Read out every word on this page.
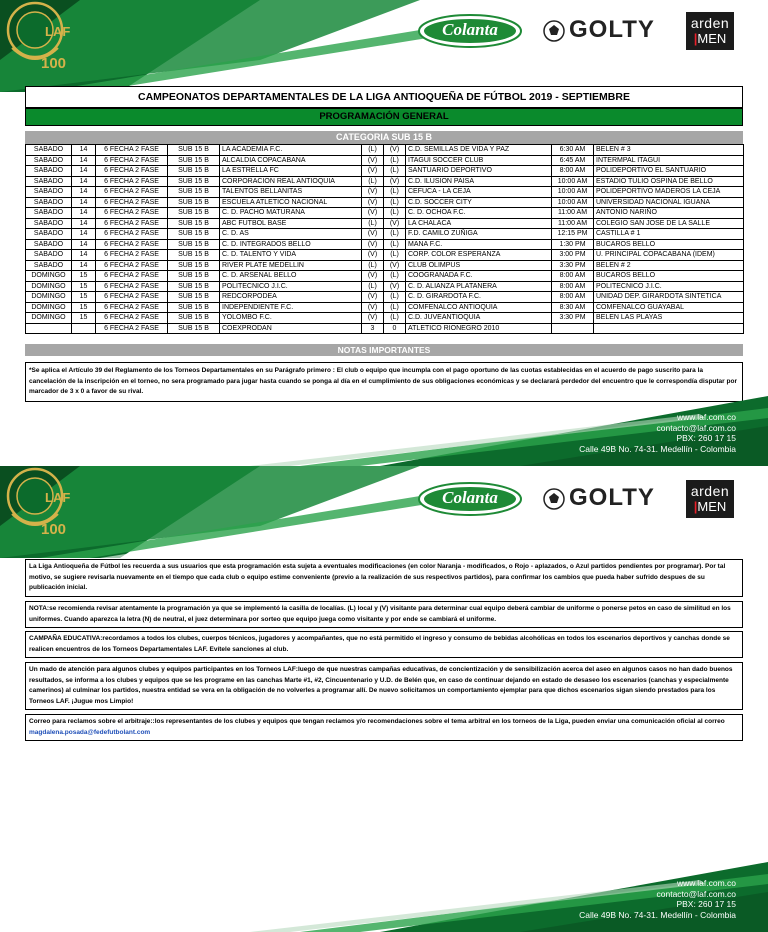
LAF
100
Colanta	GOLTY	arden
|MEN
CAMPEONATOS DEPARTAMENTALES DE LA LIGA ANTIOQUEÑA DE FÚTBOL 2019 - SEPTIEMBRE
PROGRAMACIÓN GENERAL
CATEGORIA SUB 15 B
SABADO	14	6 FECHA 2 FASE	SUB 15 B	LA ACADEMIA F.C.	(L)	(V)	C.D. SEMILLAS DE VIDA Y PAZ	6:30 AM	BELEN # 3
SABADO	14	6 FECHA 2 FASE	SUB 15 B	ALCALDIA COPACABANA	(V)	(L)	ITAGUI SOCCER CLUB	6:45 AM	INTERMPAL ITAGUI
SABADO	14	6 FECHA 2 FASE	SUB 15 B	LA ESTRELLA FC	(V)	(L)	SANTUARIO DEPORTIVO	8:00 AM	POLIDEPORTIVO EL SANTUARIO
SABADO	14	6 FECHA 2 FASE	SUB 15 B	CORPORACION REAL ANTIOQUIA	(L)	(V)	C.D. ILUSION PAISA	10:00 AM	ESTADIO TULIO OSPINA DE BELLO
SABADO	14	6 FECHA 2 FASE	SUB 15 B	TALENTOS BELLANITAS	(V)	(L)	CEFUCA - LA CEJA	10:00 AM	POLIDEPORTIVO MADEROS LA CEJA
SABADO	14	6 FECHA 2 FASE	SUB 15 B	ESCUELA ATLETICO NACIONAL	(V)	(L)	C.D. SOCCER CITY	10:00 AM	UNIVERSIDAD NACIONAL IGUANA
SABADO	14	6 FECHA 2 FASE	SUB 15 B	C. D. PACHO MATURANA	(V)	(L)	C. D. OCHOA F.C.	11:00 AM	ANTONIO NARIÑO
SABADO	14	6 FECHA 2 FASE	SUB 15 B	ABC FUTBOL BASE	(L)	(V)	LA CHALACA	11:00 AM	COLEGIO SAN JOSE DE LA SALLE
SABADO	14	6 FECHA 2 FASE	SUB 15 B	C. D. AS	(V)	(L)	F.D. CAMILO ZUÑIGA	12:15 PM	CASTILLA # 1
SABADO	14	6 FECHA 2 FASE	SUB 15 B	C. D. INTEGRADOS BELLO	(V)	(L)	MANA F.C.	1:30 PM	BUCAROS BELLO
SABADO	14	6 FECHA 2 FASE	SUB 15 B	C. D. TALENTO Y VIDA	(V)	(L)	CORP. COLOR ESPERANZA	3:00 PM	U. PRINCIPAL COPACABANA (IDEM)
SABADO	14	6 FECHA 2 FASE	SUB 15 B	RIVER PLATE MEDELLIN	(L)	(V)	CLUB OLIMPUS	3:30 PM	BELEN # 2
DOMINGO	15	6 FECHA 2 FASE	SUB 15 B	C. D. ARSENAL BELLO	(V)	(L)	COOGRANADA F.C.	8:00 AM	BUCAROS BELLO
DOMINGO	15	6 FECHA 2 FASE	SUB 15 B	POLITECNICO J.I.C.	(L)	(V)	C. D. ALIANZA PLATANERA	8:00 AM	POLITECNICO J.I.C.
DOMINGO	15	6 FECHA 2 FASE	SUB 15 B	REDCORPODEA	(V)	(L)	C. D. GIRARDOTA F.C.	8:00 AM	UNIDAD DEP. GIRARDOTA SINTETICA
DOMINGO	15	6 FECHA 2 FASE	SUB 15 B	INDEPENDIENTE F.C.	(V)	(L)	COMFENALCO ANTIOQUIA	8:30 AM	COMFENALCO GUAYABAL
DOMINGO	15	6 FECHA 2 FASE	SUB 15 B	YOLOMBO F.C.	(V)	(L)	C.D. JUVEANTIOQUIA	3:30 PM	BELEN LAS PLAYAS
		6 FECHA 2 FASE	SUB 15 B	COEXPRODAN	3	0	ATLETICO RIONEGRO 2010		
NOTAS IMPORTANTES
*Se aplica el Artículo 39 del Reglamento de los Torneos Departamentales en su Parágrafo primero : El club o equipo que incumpla con el pago oportuno de las cuotas establecidas en el acuerdo de pago suscrito para la cancelación de la inscripción en el torneo, no sera programado para jugar hasta cuando se ponga al día en el cumplimiento de sus obligaciones económicas y se declarará perdedor del encuentro que le correspondía disputar por marcador de 3 x 0 a favor de su rival.
www.laf.com.co
contacto@laf.com.co
PBX: 260 17 15
Calle 49B No. 74-31. Medellín - Colombia
LAF
100
Colanta	GOLTY	arden
|MEN
La Liga Antioqueña de Fútbol les recuerda a sus usuarios que esta programación esta sujeta a eventuales modificaciones (en color Naranja - modificados, o Rojo - aplazados, o Azul partidos pendientes por programar). Por tal motivo, se sugiere revisarla nuevamente en el tiempo que cada club o equipo estime conveniente (previo a la realización de sus respectivos partidos), para confirmar los cambios que pueda haber sufrido despues de su publicación inicial.
NOTA:se recomienda revisar atentamente la programación ya que se implementó la casilla de localías. (L) local y (V) visitante para determinar cual equipo deberá cambiar de uniforme o ponerse petos en caso de similitud en los uniformes. Cuando aparezca la letra (N) de neutral, el juez determinara por sorteo que equipo juega como visitante y por ende se cambiará el uniforme.
CAMPAÑA EDUCATIVA:recordamos a todos los clubes, cuerpos técnicos, jugadores y acompañantes, que no está permitido el ingreso y consumo de bebidas alcohólicas en todos los escenarios deportivos y canchas donde se realicen encuentros de los Torneos Departamentales LAF. Evítele sanciones al club.
Un mado de atención para algunos clubes y equipos participantes en los Torneos LAF:luego de que nuestras campañas educativas, de concientización y de sensibilización acerca del aseo en algunos casos no han dado buenos resultados, se informa a los clubes y equipos que se les programe en las canchas Marte #1, #2, Cincuentenario y U.D. de Belén que, en caso de continuar dejando en estado de desaseo los escenarios (canchas y especialmente camerinos) al culminar los partidos, nuestra entidad se vera en la obligación de no volverles a programar allí. De nuevo solicitamos un comportamiento ejemplar para que dichos escenarios sigan siendo prestados para los Torneos LAF. ¡Jugue mos Limpio!
Correo para reclamos sobre el arbitraje::los representantes de los clubes y equipos que tengan reclamos y/o recomendaciones sobre el tema arbitral en los torneos de la Liga, pueden enviar una comunicación oficial al correo
magdalena.posada@fedefutbolant.com
www.laf.com.co
contacto@laf.com.co
PBX: 260 17 15
Calle 49B No. 74-31. Medellín - Colombia
